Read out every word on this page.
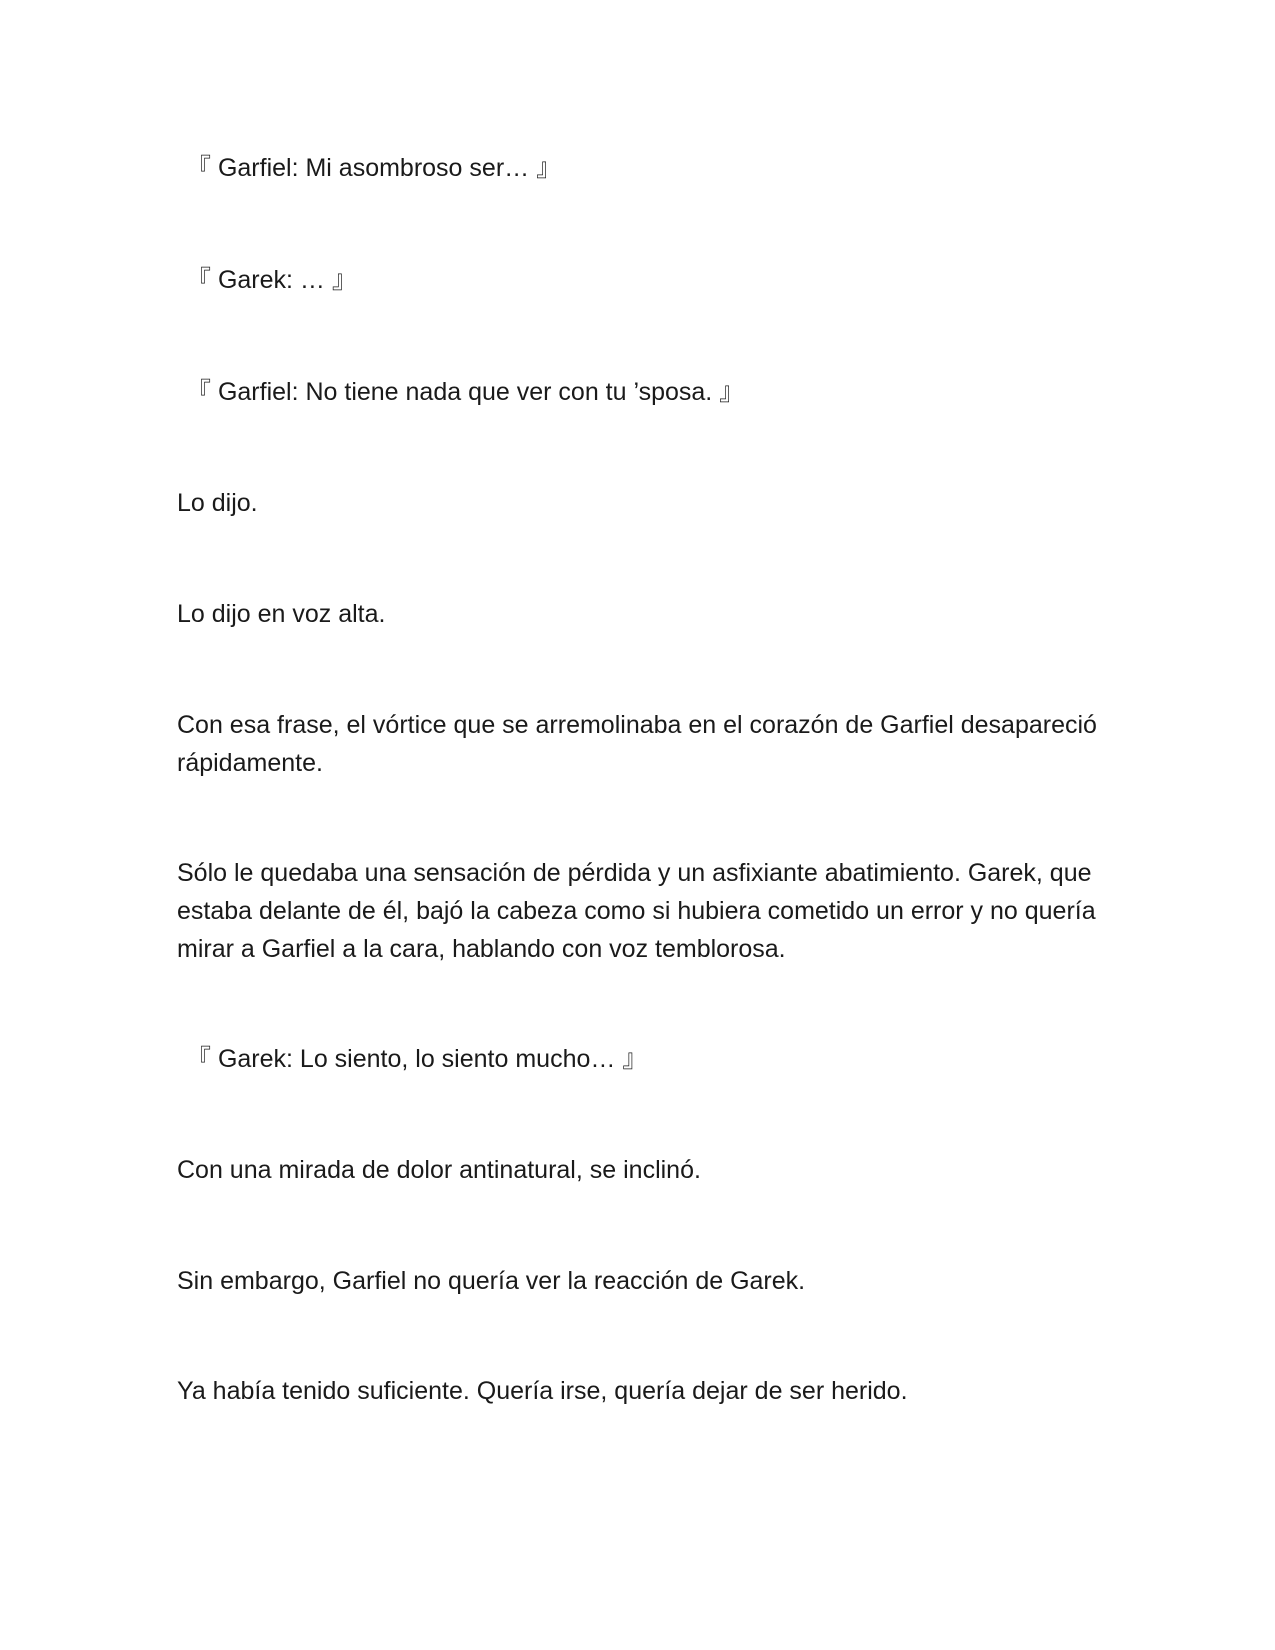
『 Garfiel: Mi asombroso ser… 』

『 Garek: … 』

『 Garfiel: No tiene nada que ver con tu ’sposa. 』

Lo dijo.

Lo dijo en voz alta.

Con esa frase, el vórtice que se arremolinaba en el corazón de Garfiel desapareció rápidamente.

Sólo le quedaba una sensación de pérdida y un asfixiante abatimiento. Garek, que estaba delante de él, bajó la cabeza como si hubiera cometido un error y no quería mirar a Garfiel a la cara, hablando con voz temblorosa.

『 Garek: Lo siento, lo siento mucho… 』

Con una mirada de dolor antinatural, se inclinó.

Sin embargo, Garfiel no quería ver la reacción de Garek.

Ya había tenido suficiente. Quería irse, quería dejar de ser herido.
